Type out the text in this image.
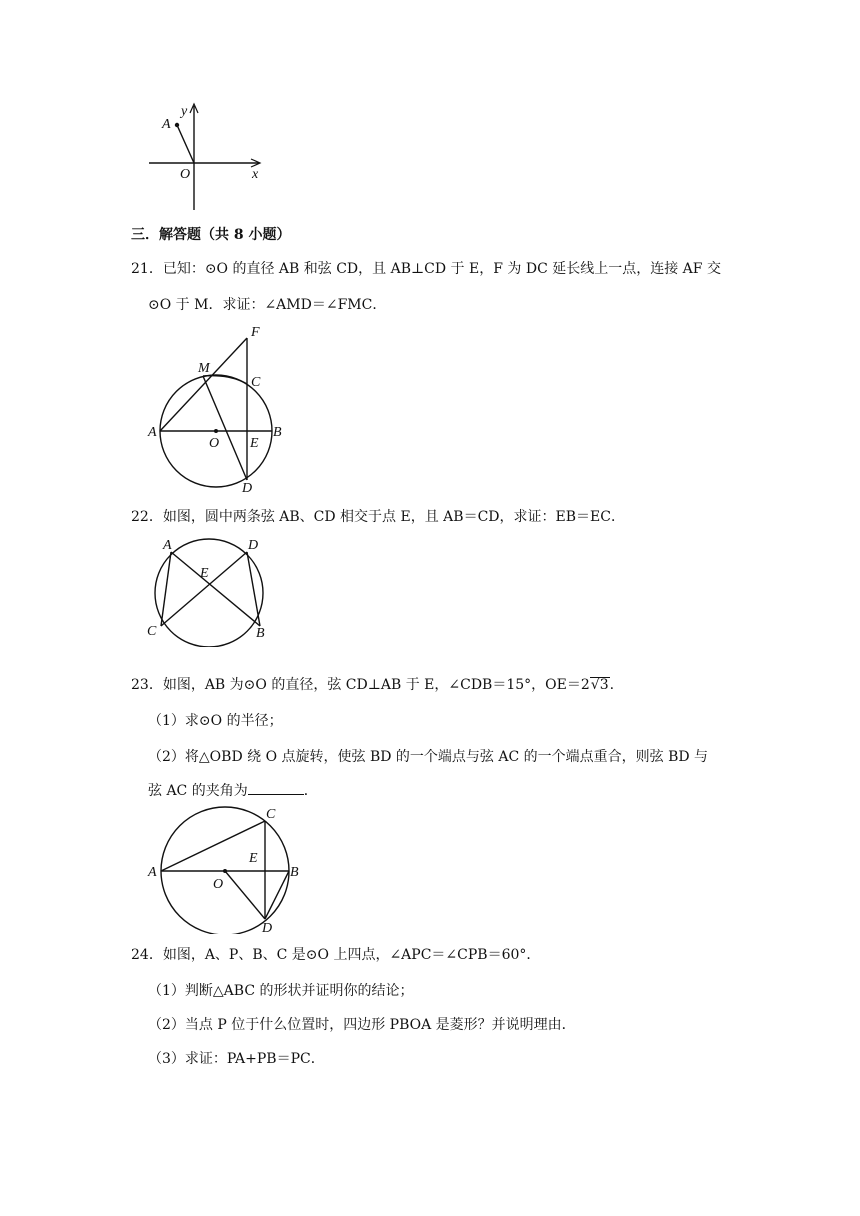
y
x
A
O
三．解答题（共 8 小题）
21．已知：⊙O 的直径 AB 和弦 CD，且 AB⊥CD 于 E，F 为 DC 延长线上一点，连接 AF 交
⊙O 于 M．求证：∠AMD＝∠FMC．
F
M
C
A
O E
B
D
22．如图，圆中两条弦 AB、CD 相交于点 E，且 AB＝CD，求证：EB＝EC．
A	D
E
C	B
23．如图，AB 为⊙O 的直径，弦 CD⊥AB 于 E，∠CDB＝15°，OE＝2√3.
（1）求⊙O 的半径；
（2）将△OBD 绕 O 点旋转，使弦 BD 的一个端点与弦 AC 的一个端点重合，则弦 BD 与
弦 AC 的夹角为	．
C
A
E
O
B
D
24．如图，A、P、B、C 是⊙O 上四点，∠APC＝∠CPB＝60°．
（1）判断△ABC 的形状并证明你的结论；
（2）当点 P 位于什么位置时，四边形 PBOA 是菱形？并说明理由．
（3）求证：PA+PB＝PC．
